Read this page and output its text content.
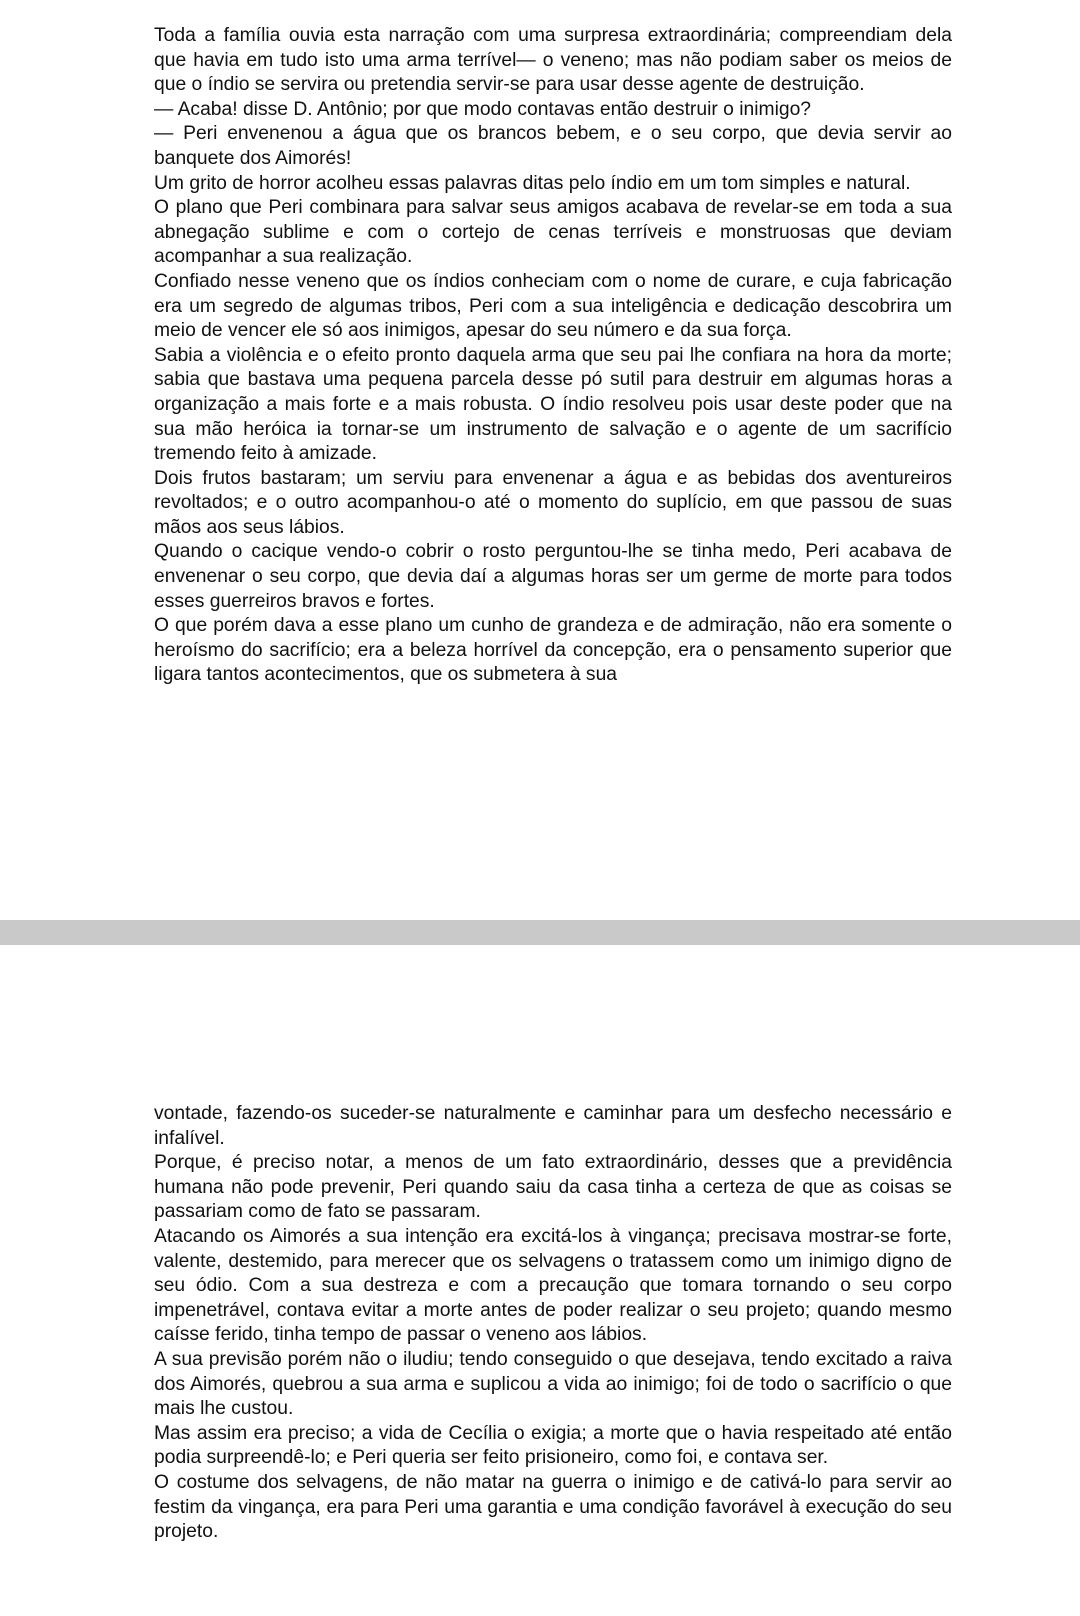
Toda a família ouvia esta narração com uma surpresa extraordinária; compreendiam dela que havia em tudo isto uma arma terrível— o veneno; mas não podiam saber os meios de que o índio se servira ou pretendia servir-se para usar desse agente de destruição.

— Acaba! disse D. Antônio; por que modo contavas então destruir o inimigo?

— Peri envenenou a água que os brancos bebem, e o seu corpo, que devia servir ao banquete dos Aimorés!

Um grito de horror acolheu essas palavras ditas pelo índio em um tom simples e natural.

O plano que Peri combinara para salvar seus amigos acabava de revelar-se em toda a sua abnegação sublime e com o cortejo de cenas terríveis e monstruosas que deviam acompanhar a sua realização.

Confiado nesse veneno que os índios conheciam com o nome de curare, e cuja fabricação era um segredo de algumas tribos, Peri com a sua inteligência e dedicação descobrira um meio de vencer ele só aos inimigos, apesar do seu número e da sua força.

Sabia a violência e o efeito pronto daquela arma que seu pai lhe confiara na hora da morte; sabia que bastava uma pequena parcela desse pó sutil para destruir em algumas horas a organização a mais forte e a mais robusta. O índio resolveu pois usar deste poder que na sua mão heróica ia tornar-se um instrumento de salvação e o agente de um sacrifício tremendo feito à amizade.

Dois frutos bastaram; um serviu para envenenar a água e as bebidas dos aventureiros revoltados; e o outro acompanhou-o até o momento do suplício, em que passou de suas mãos aos seus lábios.

Quando o cacique vendo-o cobrir o rosto perguntou-lhe se tinha medo, Peri acabava de envenenar o seu corpo, que devia daí a algumas horas ser um germe de morte para todos esses guerreiros bravos e fortes.

O que porém dava a esse plano um cunho de grandeza e de admiração, não era somente o heroísmo do sacrifício; era a beleza horrível da concepção, era o pensamento superior que ligara tantos acontecimentos, que os submetera à sua

vontade, fazendo-os suceder-se naturalmente e caminhar para um desfecho necessário e infalível.

Porque, é preciso notar, a menos de um fato extraordinário, desses que a previdência humana não pode prevenir, Peri quando saiu da casa tinha a certeza de que as coisas se passariam como de fato se passaram.

Atacando os Aimorés a sua intenção era excitá-los à vingança; precisava mostrar-se forte, valente, destemido, para merecer que os selvagens o tratassem como um inimigo digno de seu ódio. Com a sua destreza e com a precaução que tomara tornando o seu corpo impenetrável, contava evitar a morte antes de poder realizar o seu projeto; quando mesmo caísse ferido, tinha tempo de passar o veneno aos lábios.

A sua previsão porém não o iludiu; tendo conseguido o que desejava, tendo excitado a raiva dos Aimorés, quebrou a sua arma e suplicou a vida ao inimigo; foi de todo o sacrifício o que mais lhe custou.

Mas assim era preciso; a vida de Cecília o exigia; a morte que o havia respeitado até então podia surpreendê-lo; e Peri queria ser feito prisioneiro, como foi, e contava ser.

O costume dos selvagens, de não matar na guerra o inimigo e de cativá-lo para servir ao festim da vingança, era para Peri uma garantia e uma condição favorável à execução do seu projeto.
